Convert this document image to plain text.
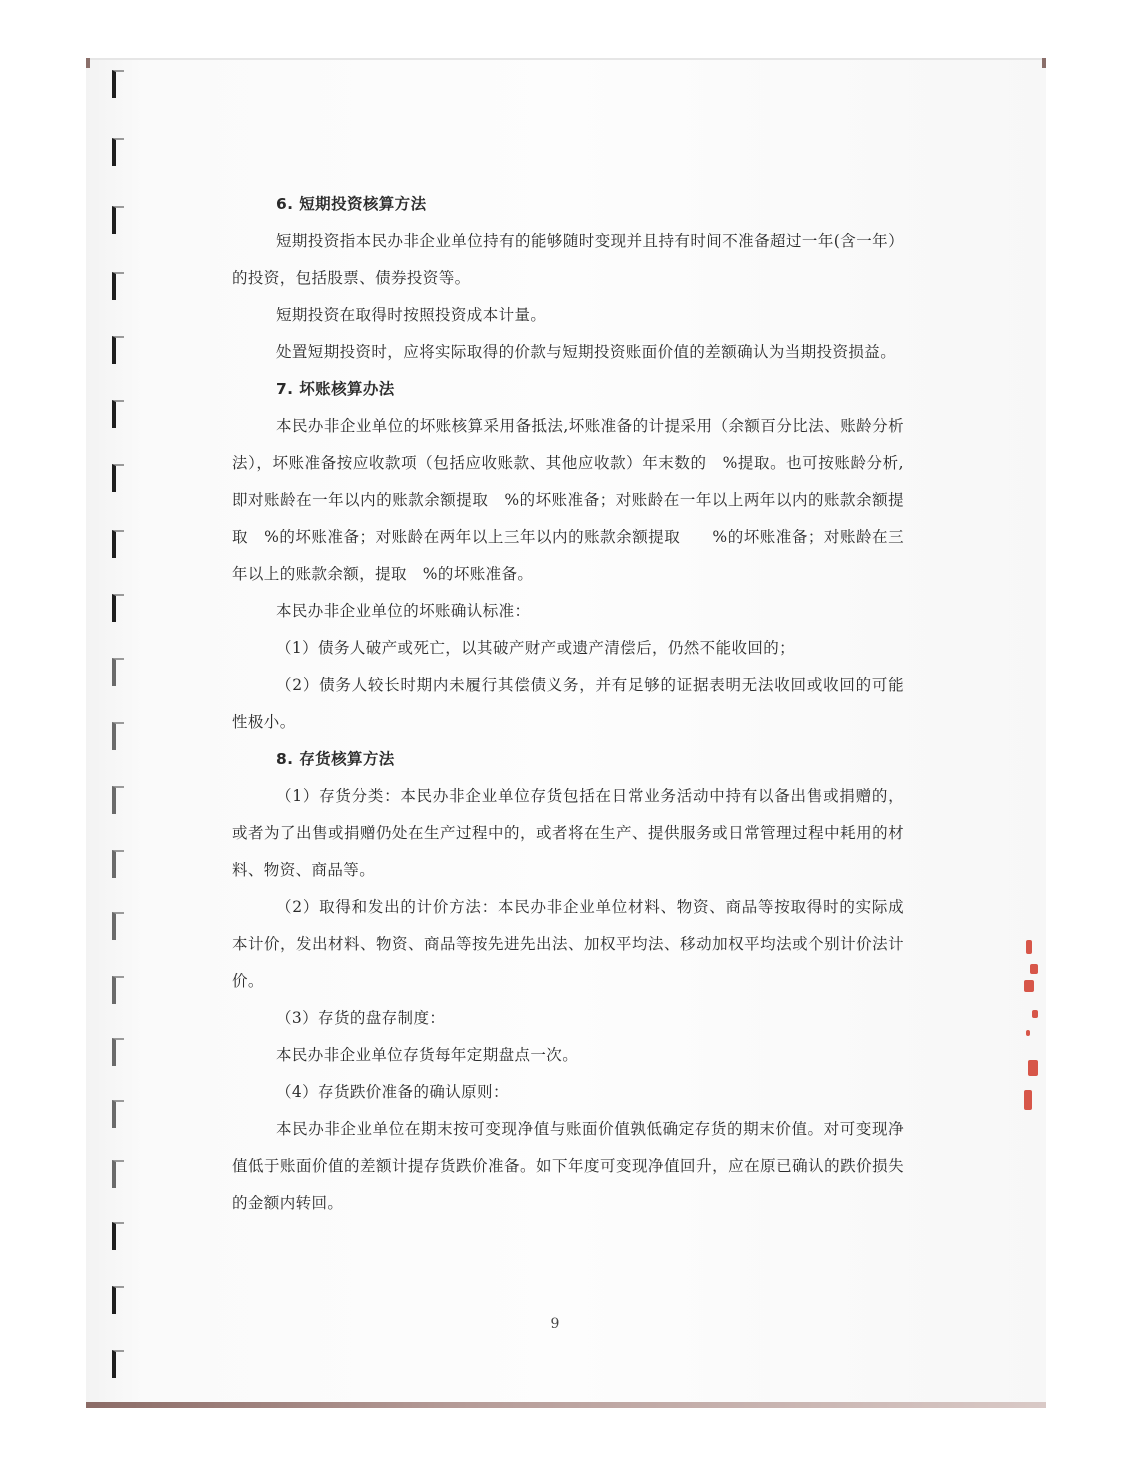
6. 短期投资核算方法

短期投资指本民办非企业单位持有的能够随时变现并且持有时间不准备超过一年(含一年）的投资，包括股票、债券投资等。

短期投资在取得时按照投资成本计量。

处置短期投资时，应将实际取得的价款与短期投资账面价值的差额确认为当期投资损益。

7. 坏账核算办法

本民办非企业单位的坏账核算采用备抵法,坏账准备的计提采用（余额百分比法、账龄分析法），坏账准备按应收款项（包括应收账款、其他应收款）年末数的　%提取。也可按账龄分析,即对账龄在一年以内的账款余额提取　%的坏账准备；对账龄在一年以上两年以内的账款余额提取　%的坏账准备；对账龄在两年以上三年以内的账款余额提取　　%的坏账准备；对账龄在三年以上的账款余额，提取　%的坏账准备。

本民办非企业单位的坏账确认标准：

（1）债务人破产或死亡，以其破产财产或遗产清偿后，仍然不能收回的；

（2）债务人较长时期内未履行其偿债义务，并有足够的证据表明无法收回或收回的可能性极小。

8. 存货核算方法

（1）存货分类：本民办非企业单位存货包括在日常业务活动中持有以备出售或捐赠的，或者为了出售或捐赠仍处在生产过程中的，或者将在生产、提供服务或日常管理过程中耗用的材料、物资、商品等。

（2）取得和发出的计价方法：本民办非企业单位材料、物资、商品等按取得时的实际成本计价，发出材料、物资、商品等按先进先出法、加权平均法、移动加权平均法或个别计价法计价。

（3）存货的盘存制度：

本民办非企业单位存货每年定期盘点一次。

（4）存货跌价准备的确认原则：

本民办非企业单位在期末按可变现净值与账面价值孰低确定存货的期末价值。对可变现净值低于账面价值的差额计提存货跌价准备。如下年度可变现净值回升，应在原已确认的跌价损失的金额内转回。

9
